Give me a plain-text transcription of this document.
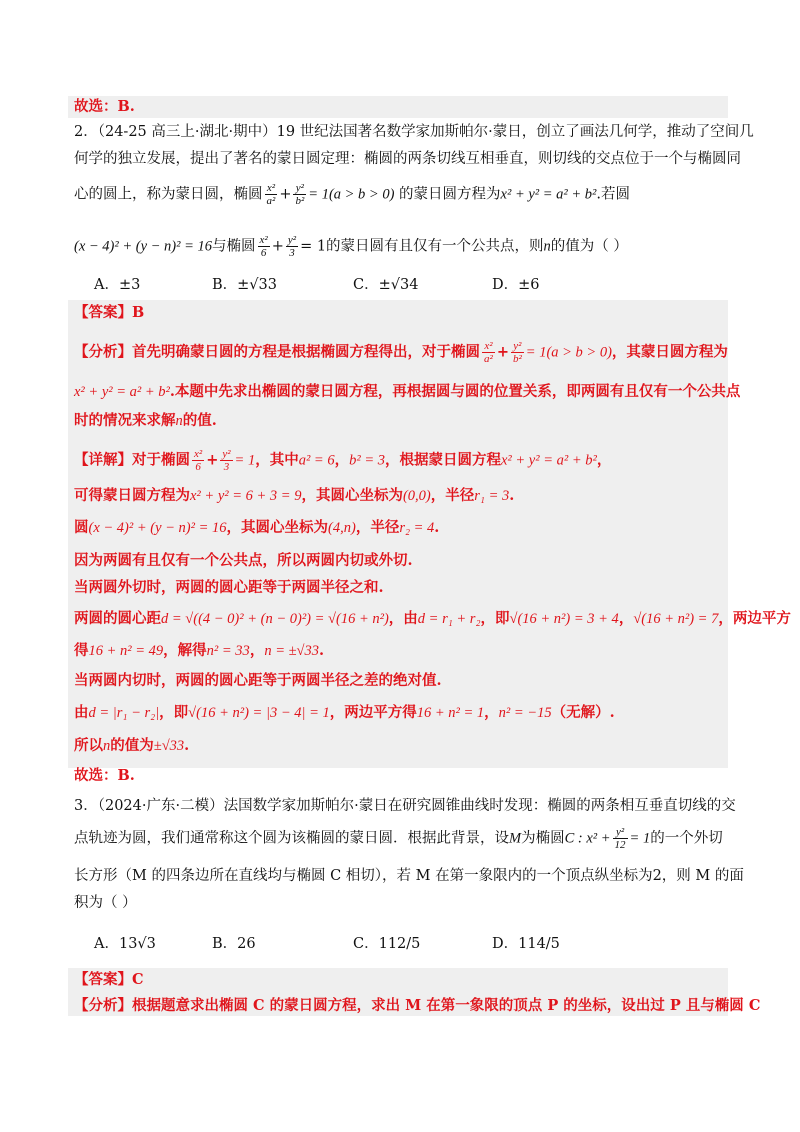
故选：B.
2．（24-25 高三上·湖北·期中）19 世纪法国著名数学家加斯帕尔·蒙日，创立了画法几何学，推动了空间几
何学的独立发展，提出了著名的蒙日圆定理：椭圆的两条切线互相垂直，则切线的交点位于一个与椭圆同
心的圆上，称为蒙日圆，椭圆 $\frac{\text{x²}}{\text{a²}} + \frac{\text{y²}}{\text{b²}} = 1(a > b > 0)$ 的蒙日圆方程为x² + y² = a² + b².若圆
(x − 4)² + (y − n)² = 16与椭圆 $\frac{\text{x²}}{6} + \frac{\text{y²}}{3} = 1$的蒙日圆有且仅有一个公共点，则n的值为（ ）
A．±3	B．±√33	C．±√34	D．±6
【答案】B
【分析】首先明确蒙日圆的方程是根据椭圆方程得出，对于椭圆 $\frac{\text{x²}}{\text{a²}} + \frac{\text{y²}}{\text{b²}} = 1(a > b > 0)$，其蒙日圆方程为
x² + y² = a² + b².本题中先求出椭圆的蒙日圆方程，再根据圆与圆的位置关系，即两圆有且仅有一个公共点
时的情况来求解n的值.
【详解】对于椭圆 $\frac{\text{x²}}{6} + \frac{\text{y²}}{3} = 1$，其中a² = 6，b² = 3，根据蒙日圆方程x² + y² = a² + b²，
可得蒙日圆方程为x² + y² = 6 + 3 = 9，其圆心坐标为(0,0)，半径r₁ = 3.
圆(x − 4)² + (y − n)² = 16，其圆心坐标为(4,n)，半径r₂ = 4.
因为两圆有且仅有一个公共点，所以两圆内切或外切.
当两圆外切时，两圆的圆心距等于两圆半径之和.
两圆的圆心距d = √((4 − 0)² + (n − 0)²) = √(16 + n²)，由d = r₁ + r₂，即√(16 + n²) = 3 + 4，√(16 + n²) = 7，两边平方
得16 + n² = 49，解得n² = 33，n = ±√33.
当两圆内切时，两圆的圆心距等于两圆半径之差的绝对值.
由d = |r₁ − r₂|，即√(16 + n²) = |3 − 4| = 1，两边平方得16 + n² = 1，n² = −15（无解）.
所以n的值为±√33.
故选：B.
3．（2024·广东·二模）法国数学家加斯帕尔·蒙日在研究圆锥曲线时发现：椭圆的两条相互垂直切线的交
点轨迹为圆，我们通常称这个圆为该椭圆的蒙日圆．根据此背景，设M为椭圆C : $x^2 + \frac{\text{y²}}{12} = 1$的一个外切
长方形（M 的四条边所在直线均与椭圆 C 相切），若 M 在第一象限内的一个顶点纵坐标为2，则 M 的面
积为（ ）
A．13√3	B．26	C．112/5	D．114/5
【答案】C
【分析】根据题意求出椭圆 C 的蒙日圆方程，求出 M 在第一象限的顶点 P 的坐标，设出过 P 且与椭圆 C
